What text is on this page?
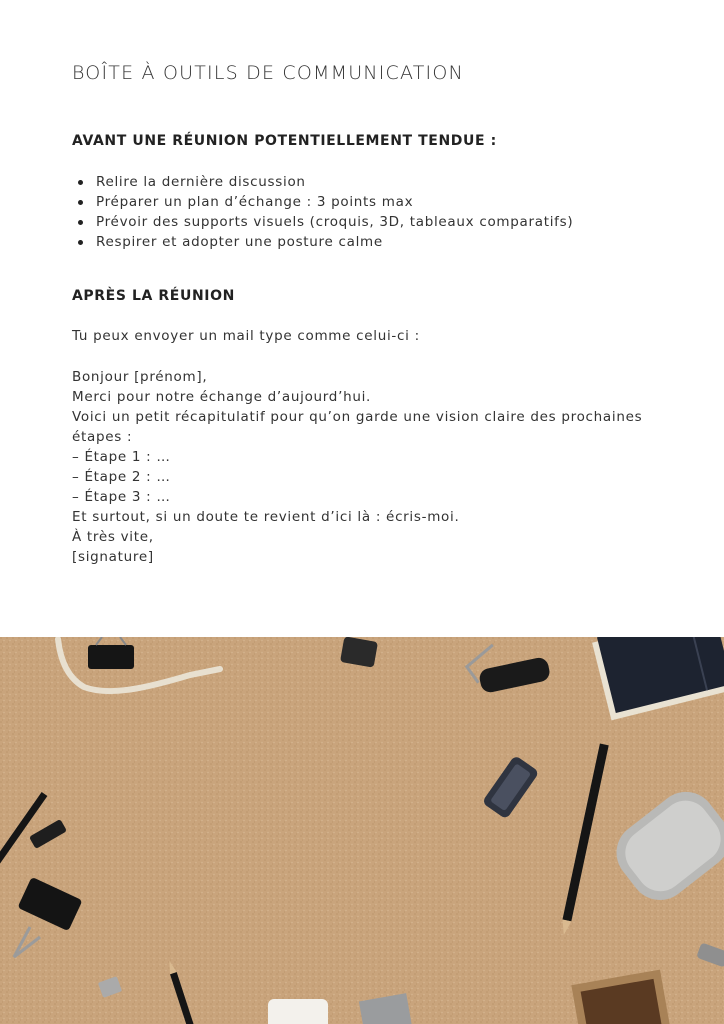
BOÎTE À OUTILS DE COMMUNICATION
AVANT UNE RÉUNION POTENTIELLEMENT TENDUE :
Relire la dernière discussion
Préparer un plan d’échange : 3 points max
Prévoir des supports visuels (croquis, 3D, tableaux comparatifs)
Respirer et adopter une posture calme
APRÈS LA RÉUNION
Tu peux envoyer un mail type comme celui-ci :
Bonjour [prénom],
Merci pour notre échange d’aujourd’hui.
Voici un petit récapitulatif pour qu’on garde une vision claire des prochaines étapes :
– Étape 1 : …
– Étape 2 : …
– Étape 3 : …
Et surtout, si un doute te revient d’ici là : écris-moi.
À très vite,
[signature]
